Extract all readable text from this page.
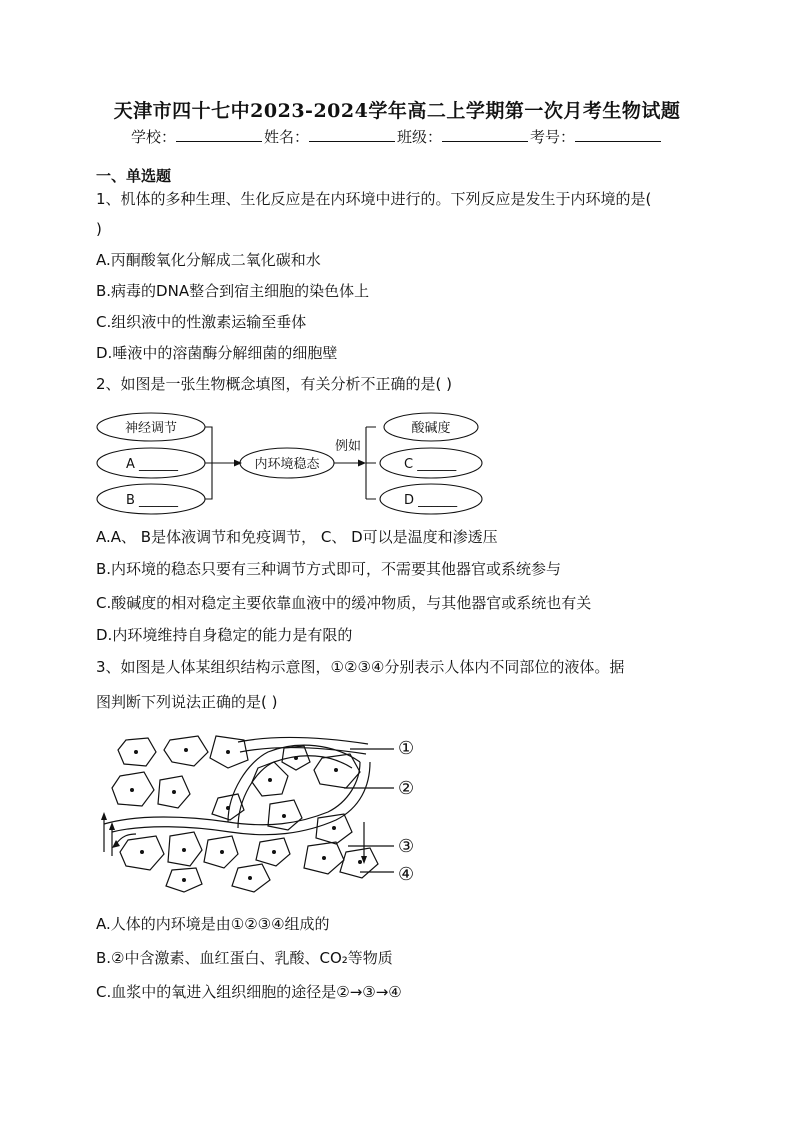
天津市四十七中2023-2024学年高二上学期第一次月考生物试题
学校：	姓名：	班级：	考号：
一、单选题
1、机体的多种生理、生化反应是在内环境中进行的。下列反应是发生于内环境的是(
)
A.丙酮酸氧化分解成二氧化碳和水
B.病毒的DNA整合到宿主细胞的染色体上
C.组织液中的性激素运输至垂体
D.唾液中的溶菌酶分解细菌的细胞壁
2、如图是一张生物概念填图，有关分析不正确的是( )
神经调节
A ______
B ______
内环境稳态
例如
酸碱度
C ______
D ______
A.A、 B是体液调节和免疫调节， C、 D可以是温度和渗透压
B.内环境的稳态只要有三种调节方式即可，不需要其他器官或系统参与
C.酸碱度的相对稳定主要依靠血液中的缓冲物质，与其他器官或系统也有关
D.内环境维持自身稳定的能力是有限的
3、如图是人体某组织结构示意图，①②③④分别表示人体内不同部位的液体。据
图判断下列说法正确的是( )
①
②
③
④
A.人体的内环境是由①②③④组成的
B.②中含激素、血红蛋白、乳酸、CO₂等物质
C.血浆中的氧进入组织细胞的途径是②→③→④
